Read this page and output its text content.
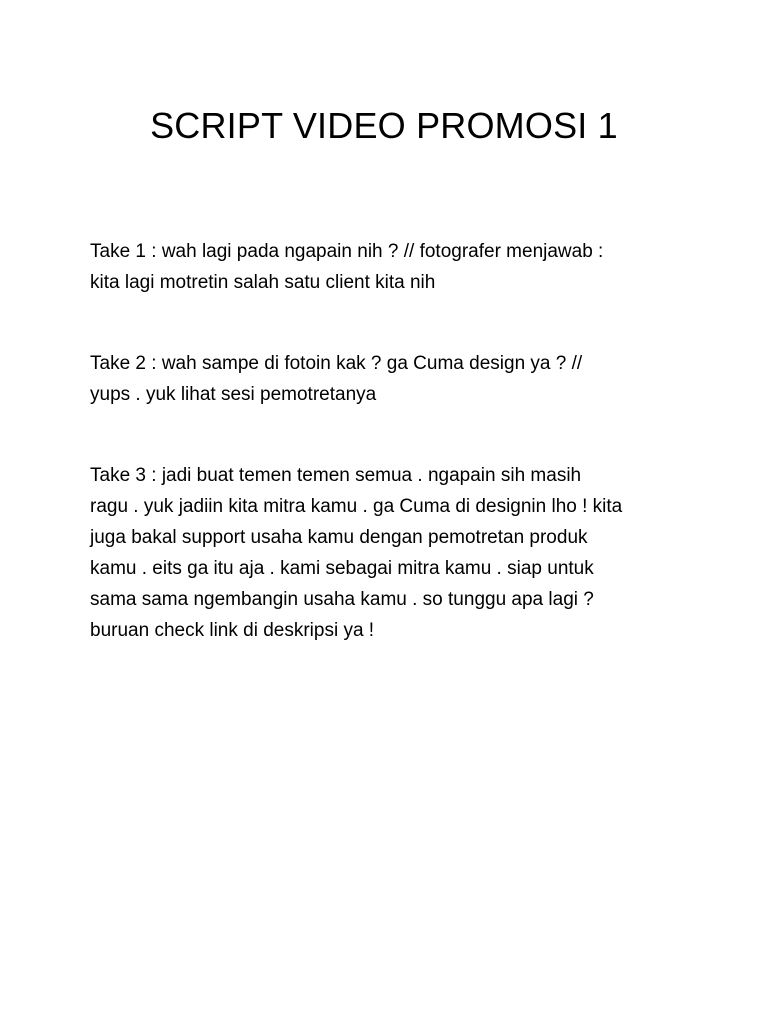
SCRIPT VIDEO PROMOSI 1

Take 1 : wah lagi pada ngapain nih ? // fotografer menjawab :
kita lagi motretin salah satu client kita nih

Take 2 : wah sampe di fotoin kak ? ga Cuma design ya ? //
yups . yuk lihat sesi pemotretanya

Take 3 : jadi buat temen temen semua . ngapain sih masih
ragu . yuk jadiin kita mitra kamu . ga Cuma di designin lho ! kita
juga bakal support usaha kamu dengan pemotretan produk
kamu . eits ga itu aja . kami sebagai mitra kamu . siap untuk
sama sama ngembangin usaha kamu . so tunggu apa lagi ?
buruan check link di deskripsi ya !
